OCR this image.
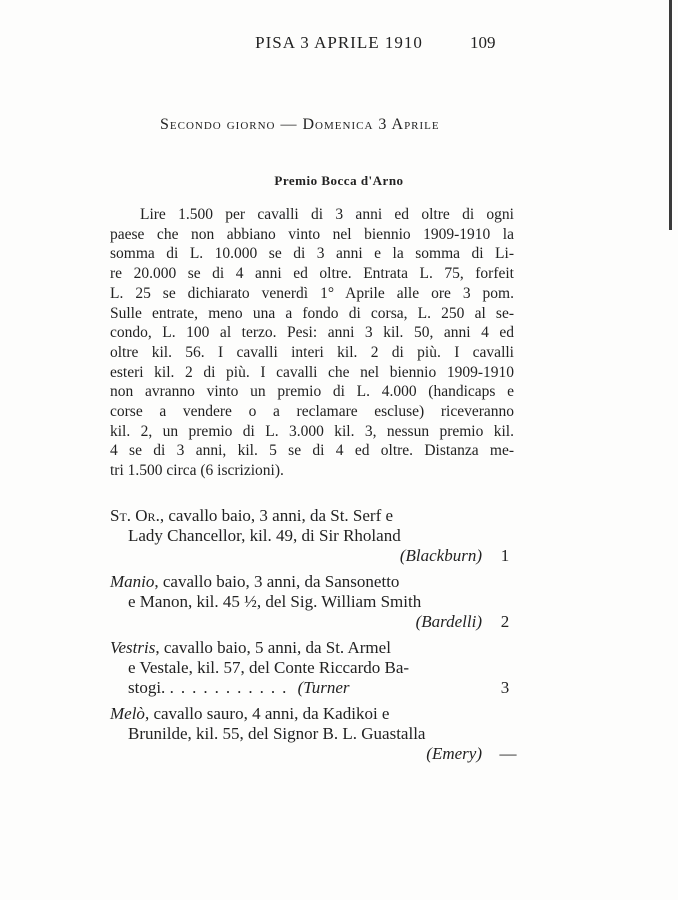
PISA 3 APRILE 1910	109
Secondo giorno — Domenica 3 Aprile
Premio Bocca d'Arno
Lire 1.500 per cavalli di 3 anni ed oltre di ogni
paese che non abbiano vinto nel biennio 1909-1910 la
somma di L. 10.000 se di 3 anni e la somma di Li-
re 20.000 se di 4 anni ed oltre. Entrata L. 75, forfeit
L. 25 se dichiarato venerdì 1° Aprile alle ore 3 pom.
Sulle entrate, meno una a fondo di corsa, L. 250 al se-
condo, L. 100 al terzo. Pesi: anni 3 kil. 50, anni 4 ed
oltre kil. 56. I cavalli interi kil. 2 di più. I cavalli
esteri kil. 2 di più. I cavalli che nel biennio 1909-1910
non avranno vinto un premio di L. 4.000 (handicaps e
corse a vendere o a reclamare escluse) riceveranno
kil. 2, un premio di L. 3.000 kil. 3, nessun premio kil.
4 se di 3 anni, kil. 5 se di 4 ed oltre. Distanza me-
tri 1.500 circa (6 iscrizioni).
St. Or., cavallo baio, 3 anni, da St. Serf e
Lady Chancellor, kil. 49, di Sir Rholand
(Blackburn)	1
Manio, cavallo baio, 3 anni, da Sansonetto
e Manon, kil. 45 ½, del Sig. William Smith
(Bardelli)	2
Vestris, cavallo baio, 5 anni, da St. Armel
e Vestale, kil. 57, del Conte Riccardo Ba-
stogi. ........... (Turner	3
Melò, cavallo sauro, 4 anni, da Kadikoi e
Brunilde, kil. 55, del Signor B. L. Guastalla
(Emery)	—
